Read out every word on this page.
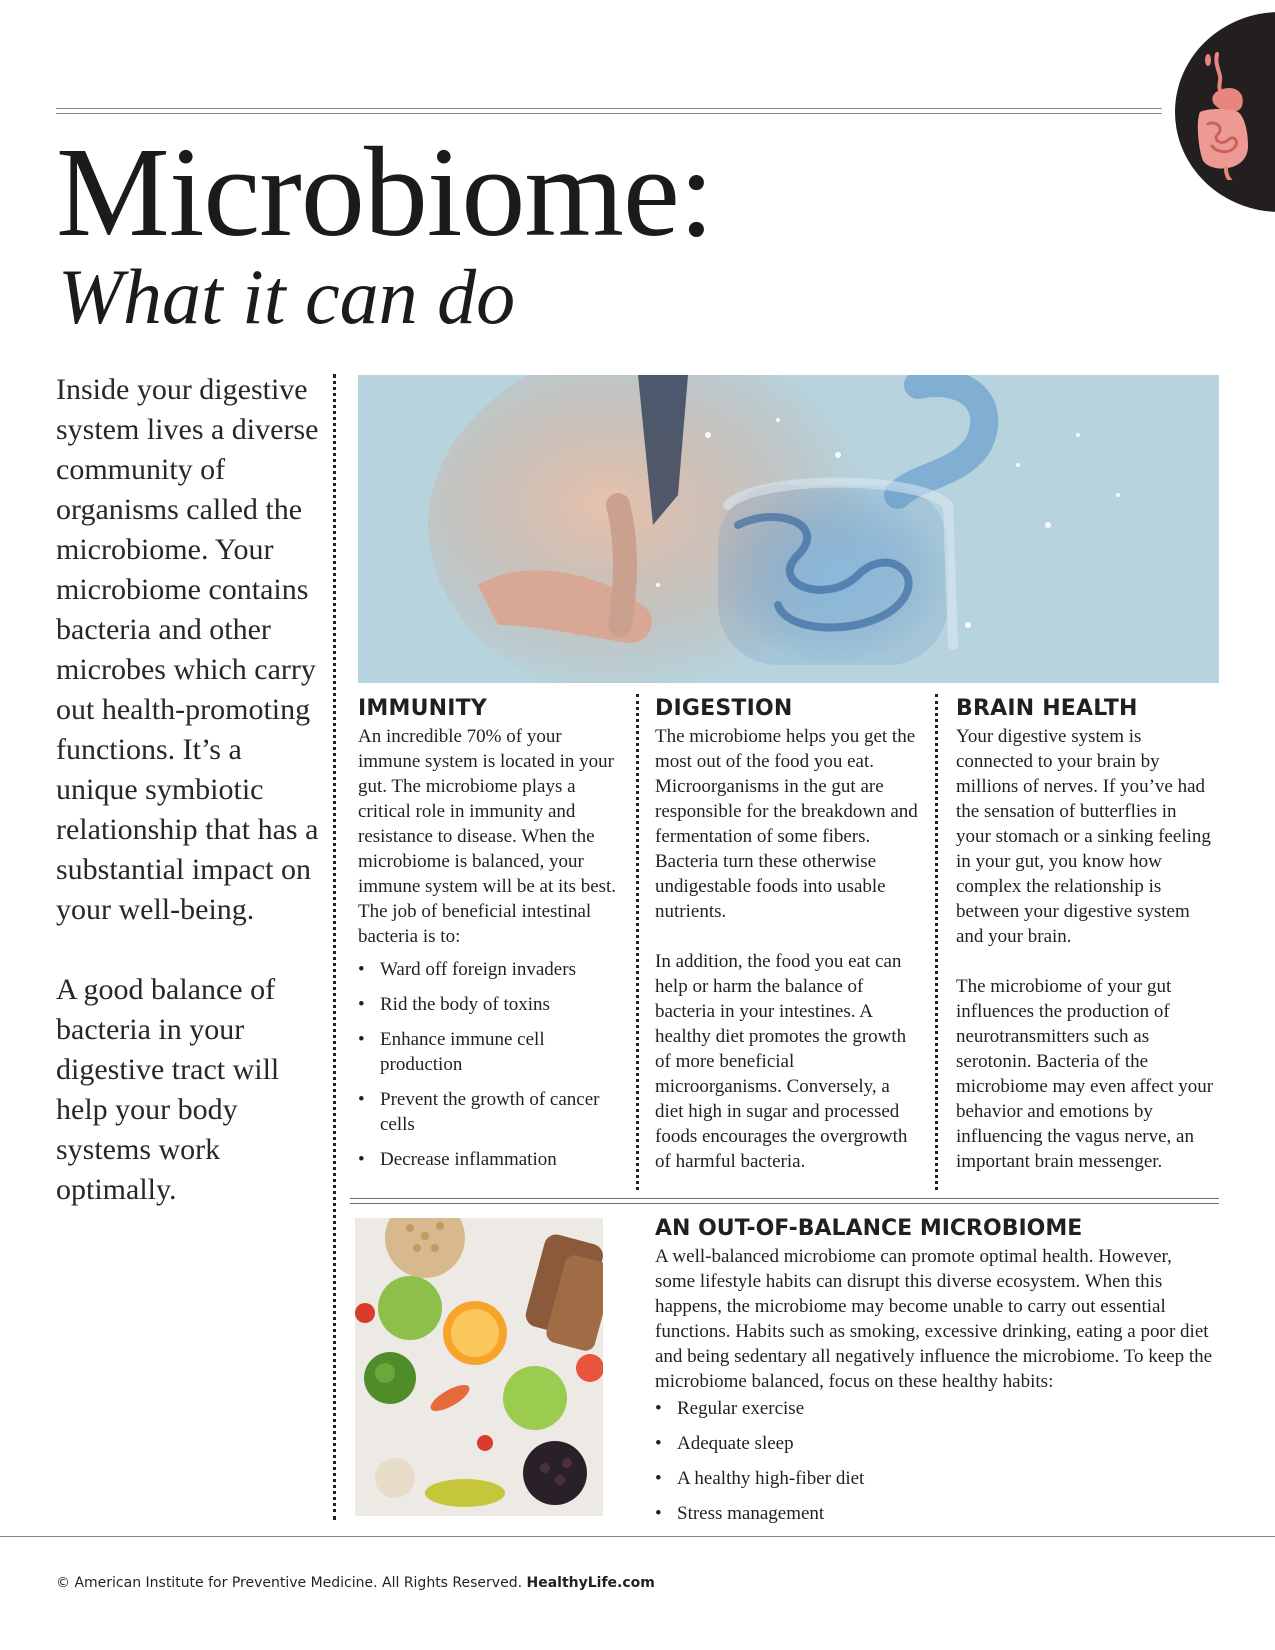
Microbiome:
What it can do

Inside your digestive system lives a diverse community of organisms called the microbiome. Your microbiome contains bacteria and other microbes which carry out health-promoting functions. It’s a unique symbiotic relationship that has a substantial impact on your well-being.

A good balance of bacteria in your digestive tract will help your body systems work optimally.

IMMUNITY

An incredible 70% of your immune system is located in your gut. The microbiome plays a critical role in immunity and resistance to disease. When the microbiome is balanced, your immune system will be at its best. The job of beneficial intestinal bacteria is to:

• Ward off foreign invaders
• Rid the body of toxins
• Enhance immune cell production
• Prevent the growth of cancer cells
• Decrease inflammation
DIGESTION

The microbiome helps you get the most out of the food you eat. Microorganisms in the gut are responsible for the breakdown and fermentation of some fibers. Bacteria turn these otherwise undigestable foods into usable nutrients.

In addition, the food you eat can help or harm the balance of bacteria in your intestines. A healthy diet promotes the growth of more beneficial microorganisms. Conversely, a diet high in sugar and processed foods encourages the overgrowth of harmful bacteria.

BRAIN HEALTH

Your digestive system is connected to your brain by millions of nerves. If you’ve had the sensation of butterflies in your stomach or a sinking feeling in your gut, you know how complex the relationship is between your digestive system and your brain.

The microbiome of your gut influences the production of neurotransmitters such as serotonin. Bacteria of the microbiome may even affect your behavior and emotions by influencing the vagus nerve, an important brain messenger.

AN OUT-OF-BALANCE MICROBIOME

A well-balanced microbiome can promote optimal health. However, some lifestyle habits can disrupt this diverse ecosystem. When this happens, the microbiome may become unable to carry out essential functions. Habits such as smoking, excessive drinking, eating a poor diet and being sedentary all negatively influence the microbiome. To keep the microbiome balanced, focus on these healthy habits:

• Regular exercise
• Adequate sleep
• A healthy high-fiber diet
• Stress management
© American Institute for Preventive Medicine. All Rights Reserved. HealthyLife.com
